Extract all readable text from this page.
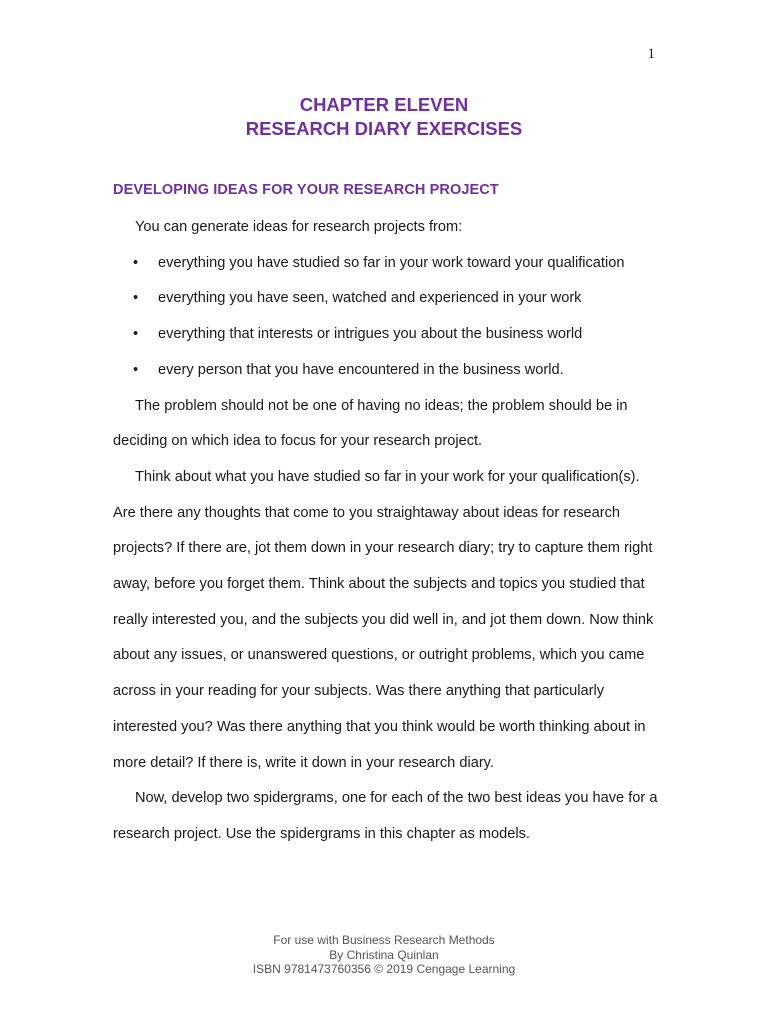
1
CHAPTER ELEVEN
RESEARCH DIARY EXERCISES
DEVELOPING IDEAS FOR YOUR RESEARCH PROJECT

You can generate ideas for research projects from:

• everything you have studied so far in your work toward your qualification
• everything you have seen, watched and experienced in your work
• everything that interests or intrigues you about the business world
• every person that you have encountered in the business world.

The problem should not be one of having no ideas; the problem should be in deciding on which idea to focus for your research project.

Think about what you have studied so far in your work for your qualification(s). Are there any thoughts that come to you straightaway about ideas for research projects? If there are, jot them down in your research diary; try to capture them right away, before you forget them. Think about the subjects and topics you studied that really interested you, and the subjects you did well in, and jot them down. Now think about any issues, or unanswered questions, or outright problems, which you came across in your reading for your subjects. Was there anything that particularly interested you? Was there anything that you think would be worth thinking about in more detail? If there is, write it down in your research diary.

Now, develop two spidergrams, one for each of the two best ideas you have for a research project. Use the spidergrams in this chapter as models.

For use with Business Research Methods
By Christina Quinlan
ISBN 9781473760356 © 2019 Cengage Learning
